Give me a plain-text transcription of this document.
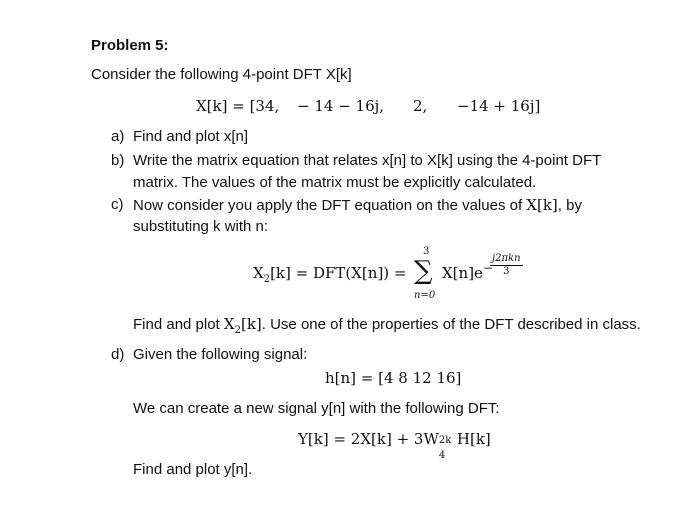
Problem 5:
Consider the following 4-point DFT X[k]
X[k] = [34, − 14 − 16j, 2, −14 + 16j]
a) Find and plot x[n]
b) Write the matrix equation that relates x[n] to X[k] using the 4-point DFT
matrix. The values of the matrix must be explicitly calculated.
c) Now consider you apply the DFT equation on the values of X[k], by
substituting k with n:
$X_2[k] = DFT(X[n])$ =
3
∑
n=0
X[n]e −
j2πkn
3
Find and plot $X_2[k]$. Use one of the properties of the DFT described in class.
d) Given the following signal:
h[n] = [4 8 12 16]
We can create a new signal y[n] with the following DFT:
Y[k] = 2X[k] + 3W 2k
4
H[k]
Find and plot y[n].
